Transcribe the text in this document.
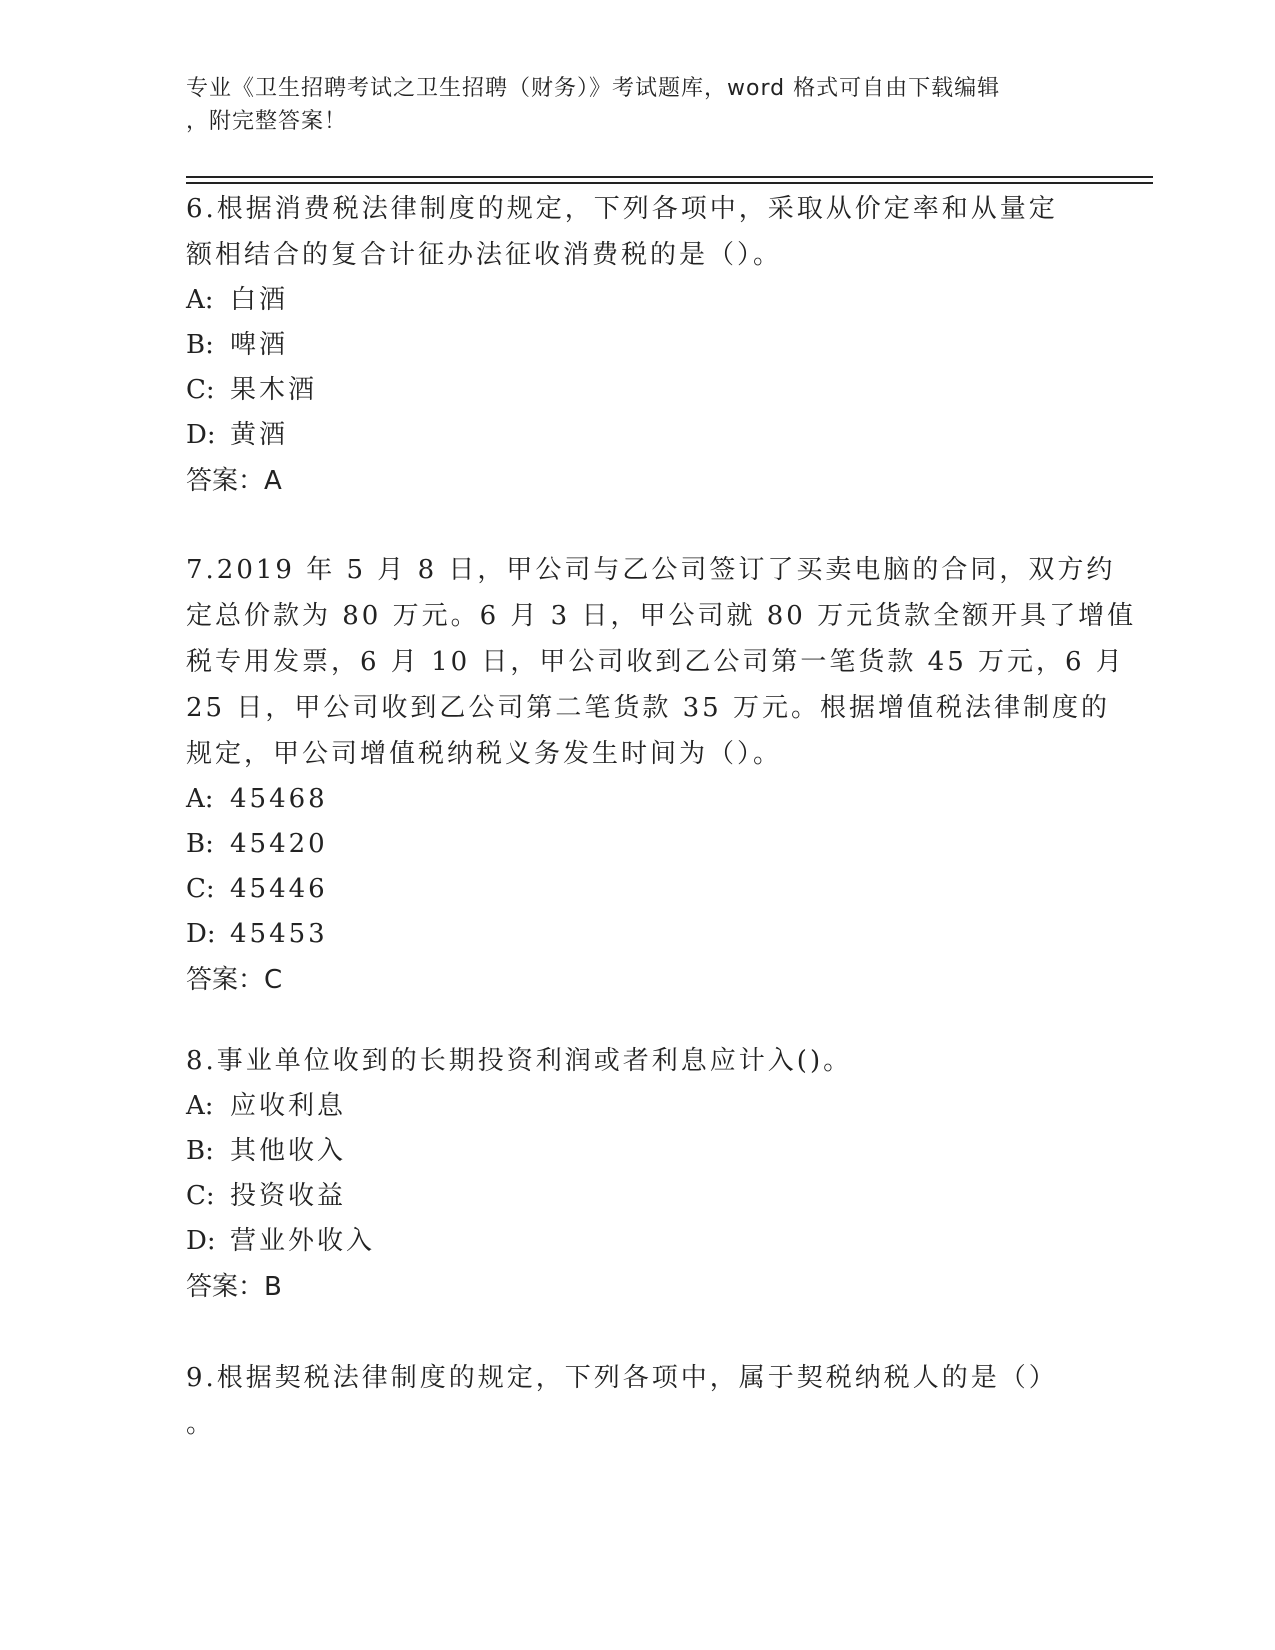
专业《卫生招聘考试之卫生招聘（财务）》考试题库，word 格式可自由下载编辑
，附完整答案！
6.根据消费税法律制度的规定，下列各项中，采取从价定率和从量定
额相结合的复合计征办法征收消费税的是（）。
A: 白酒
B: 啤酒
C: 果木酒
D: 黄酒
答案：A
7.2019 年 5 月 8 日，甲公司与乙公司签订了买卖电脑的合同，双方约
定总价款为 80 万元。6 月 3 日，甲公司就 80 万元货款全额开具了增值
税专用发票，6 月 10 日，甲公司收到乙公司第一笔货款 45 万元，6 月
25 日，甲公司收到乙公司第二笔货款 35 万元。根据增值税法律制度的
规定，甲公司增值税纳税义务发生时间为（）。
A: 45468
B: 45420
C: 45446
D: 45453
答案：C
8.事业单位收到的长期投资利润或者利息应计入()。
A: 应收利息
B: 其他收入
C: 投资收益
D: 营业外收入
答案：B
9.根据契税法律制度的规定，下列各项中，属于契税纳税人的是（）
。
